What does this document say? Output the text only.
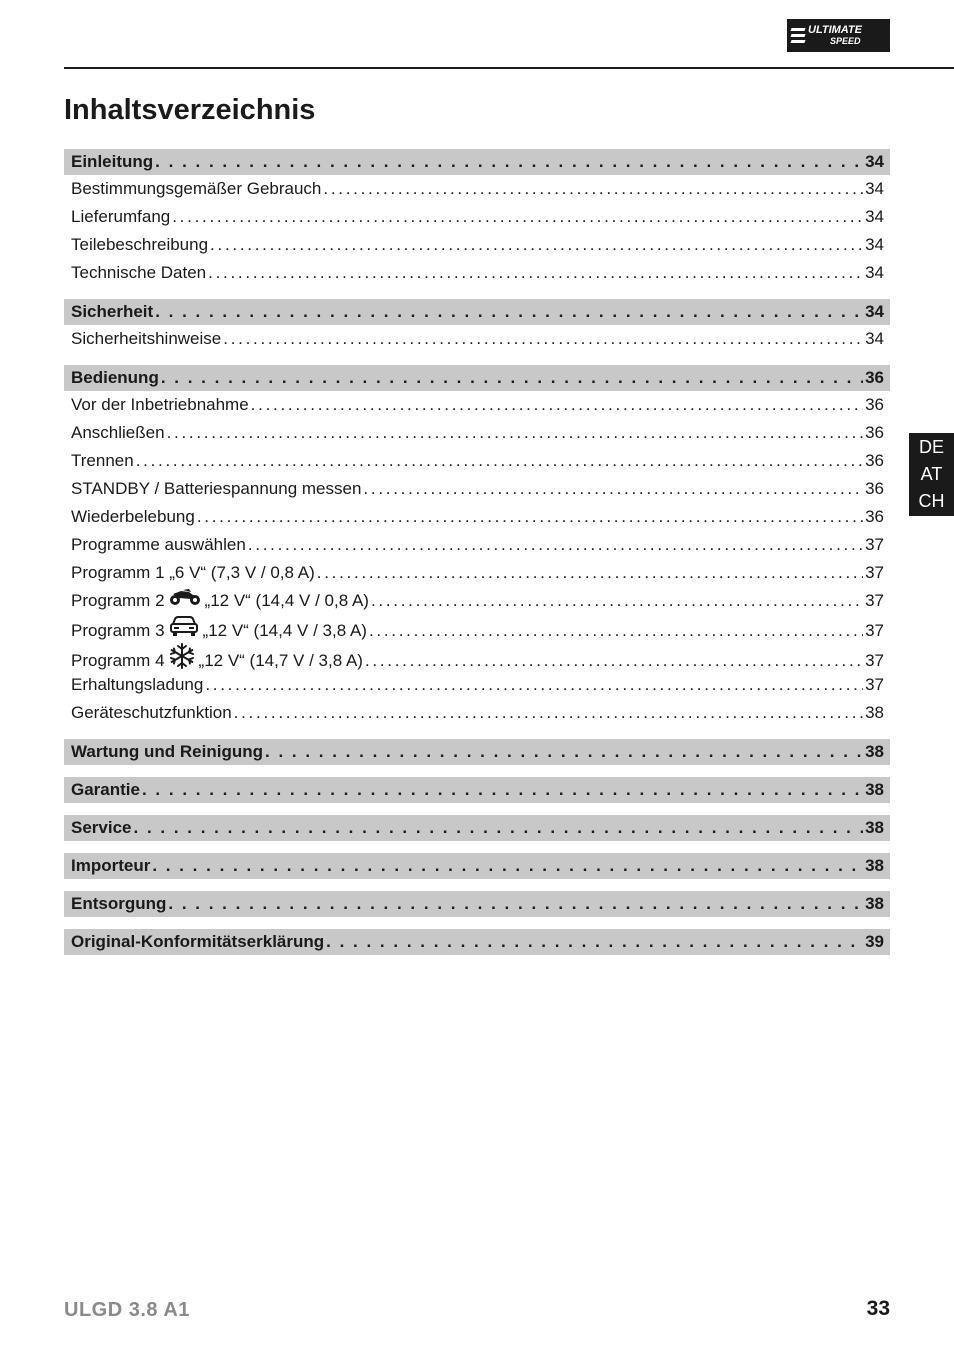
ULTIMATE
SPEED
Inhaltsverzeichnis
DE
AT
CH
Einleitung . . .	34
Bestimmungsgemäßer Gebrauch . . .	34
Lieferumfang . . .	34
Teilebeschreibung . . .	34
Technische Daten . . .	34
Sicherheit . . .	34
Sicherheitshinweise . . .	34
Bedienung . . .	36
Vor der Inbetriebnahme . . .	36
Anschließen . . .	36
Trennen . . .	36
STANDBY / Batteriespannung messen . . .	36
Wiederbelebung . . .	36
Programme auswählen . . .	37
Programm 1 „6 V“ (7,3 V / 0,8 A) . . .	37
Programm 2 „12 V“ (14,4 V / 0,8 A) . . .	37
Programm 3 „12 V“ (14,4 V / 3,8 A) . . .	37
Programm 4 „12 V“ (14,7 V / 3,8 A) . . .	37
Erhaltungsladung . . .	37
Geräteschutzfunktion . . .	38
Wartung und Reinigung . . .	38
Garantie . . .	38
Service . . .	38
Importeur . . .	38
Entsorgung . . .	38
Original-Konformitätserklärung . . .	39
ULGD 3.8 A1	33
